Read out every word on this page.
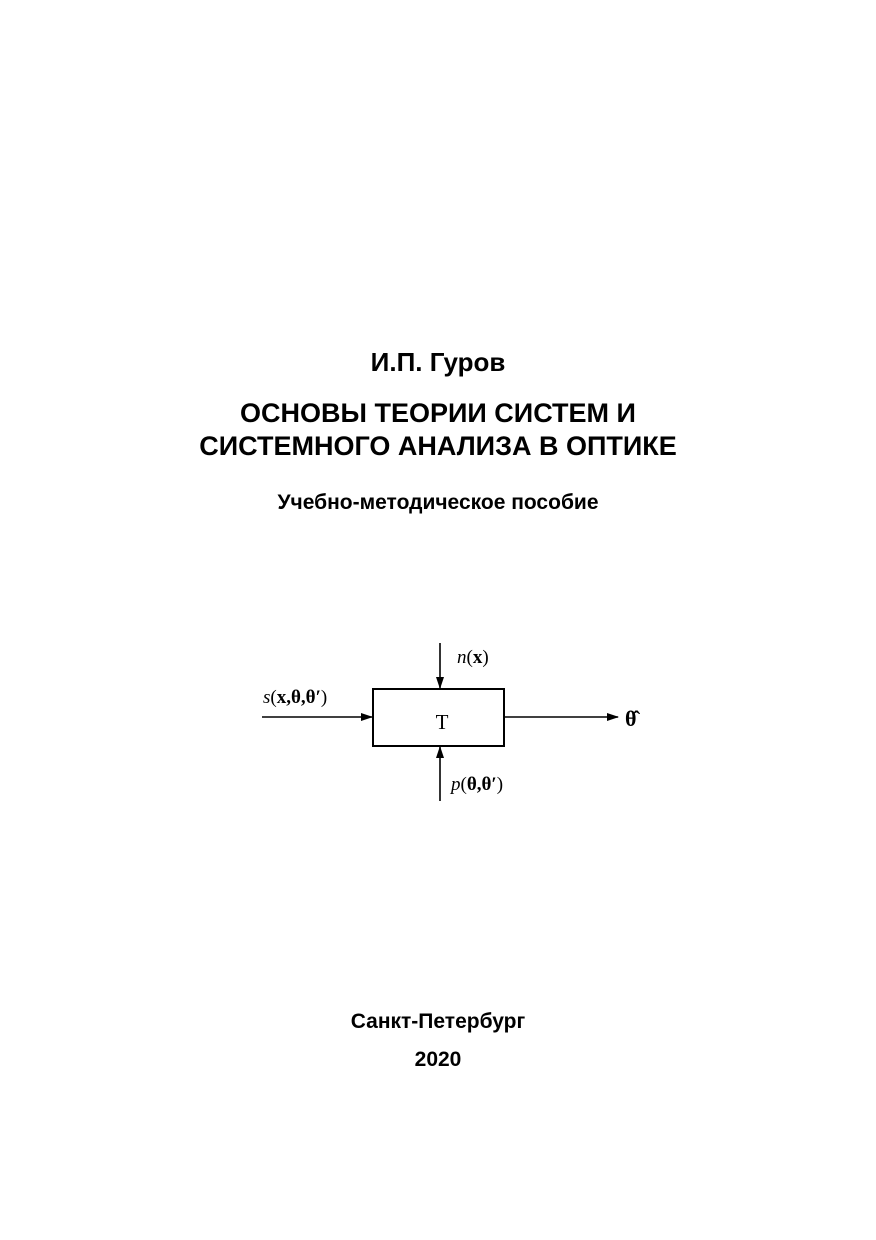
И.П. Гуров
ОСНОВЫ ТЕОРИИ СИСТЕМ И
СИСТЕМНОГО АНАЛИЗА В ОПТИКЕ
Учебно-методическое пособие
T
s(x,θ,θ′)
θ̂
n(x)
p(θ,θ′)
Санкт-Петербург
2020
